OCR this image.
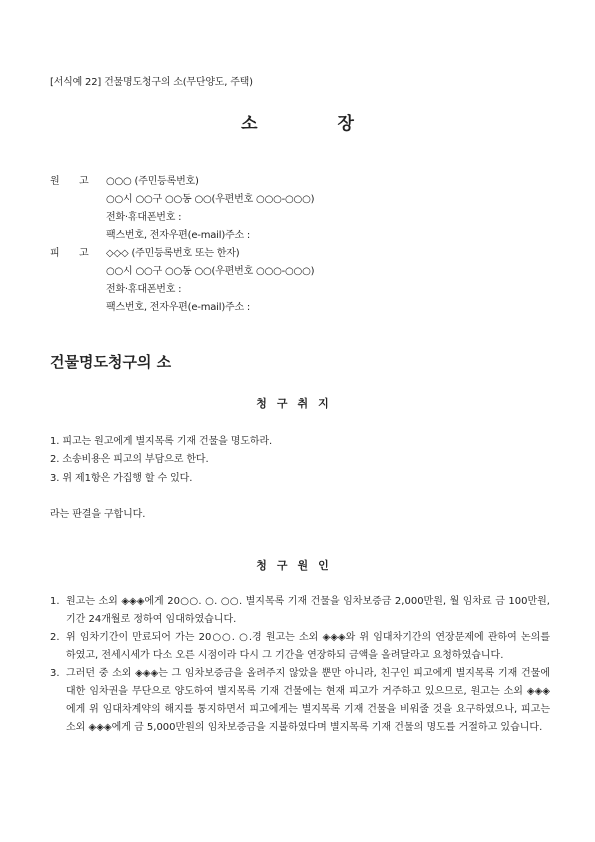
[서식예 22] 건물명도청구의 소(무단양도, 주택)
소	장
원 고 ○○○ (주민등록번호)
○○시 ○○구 ○○동 ○○(우편번호 ○○○-○○○)
전화·휴대폰번호 :
팩스번호, 전자우편(e-mail)주소 :
피 고 ◇◇◇ (주민등록번호 또는 한자)
○○시 ○○구 ○○동 ○○(우편번호 ○○○-○○○)
전화·휴대폰번호 :
팩스번호, 전자우편(e-mail)주소 :
건물명도청구의 소
청구취지
1. 피고는 원고에게 별지목록 기재 건물을 명도하라.
2. 소송비용은 피고의 부담으로 한다.
3. 위 제1항은 가집행 할 수 있다.
라는 판결을 구합니다.
청구원인
1. 원고는 소외 ◈◈◈에게 20○○. ○. ○○. 별지목록 기재 건물을 임차보증금 2,000만원, 월 임차료 금 100만원, 기간 24개월로 정하여 임대하였습니다.
2. 위 임차기간이 만료되어 가는 20○○. ○.경 원고는 소외 ◈◈◈와 위 임대차기간의 연장문제에 관하여 논의를 하였고, 전세시세가 다소 오른 시점이라 다시 그 기간을 연장하되 금액을 올려달라고 요청하였습니다.
3. 그러던 중 소외 ◈◈◈는 그 임차보증금을 올려주지 않았을 뿐만 아니라, 친구인 피고에게 별지목록 기재 건물에 대한 임차권을 무단으로 양도하여 별지목록 기재 건물에는 현재 피고가 거주하고 있으므로, 원고는 소외 ◈◈◈에게 위 임대차계약의 해지를 통지하면서 피고에게는 별지목록 기재 건물을 비워줄 것을 요구하였으나, 피고는 소외 ◈◈◈에게 금 5,000만원의 임차보증금을 지불하였다며 별지목록 기재 건물의 명도를 거절하고 있습니다.
